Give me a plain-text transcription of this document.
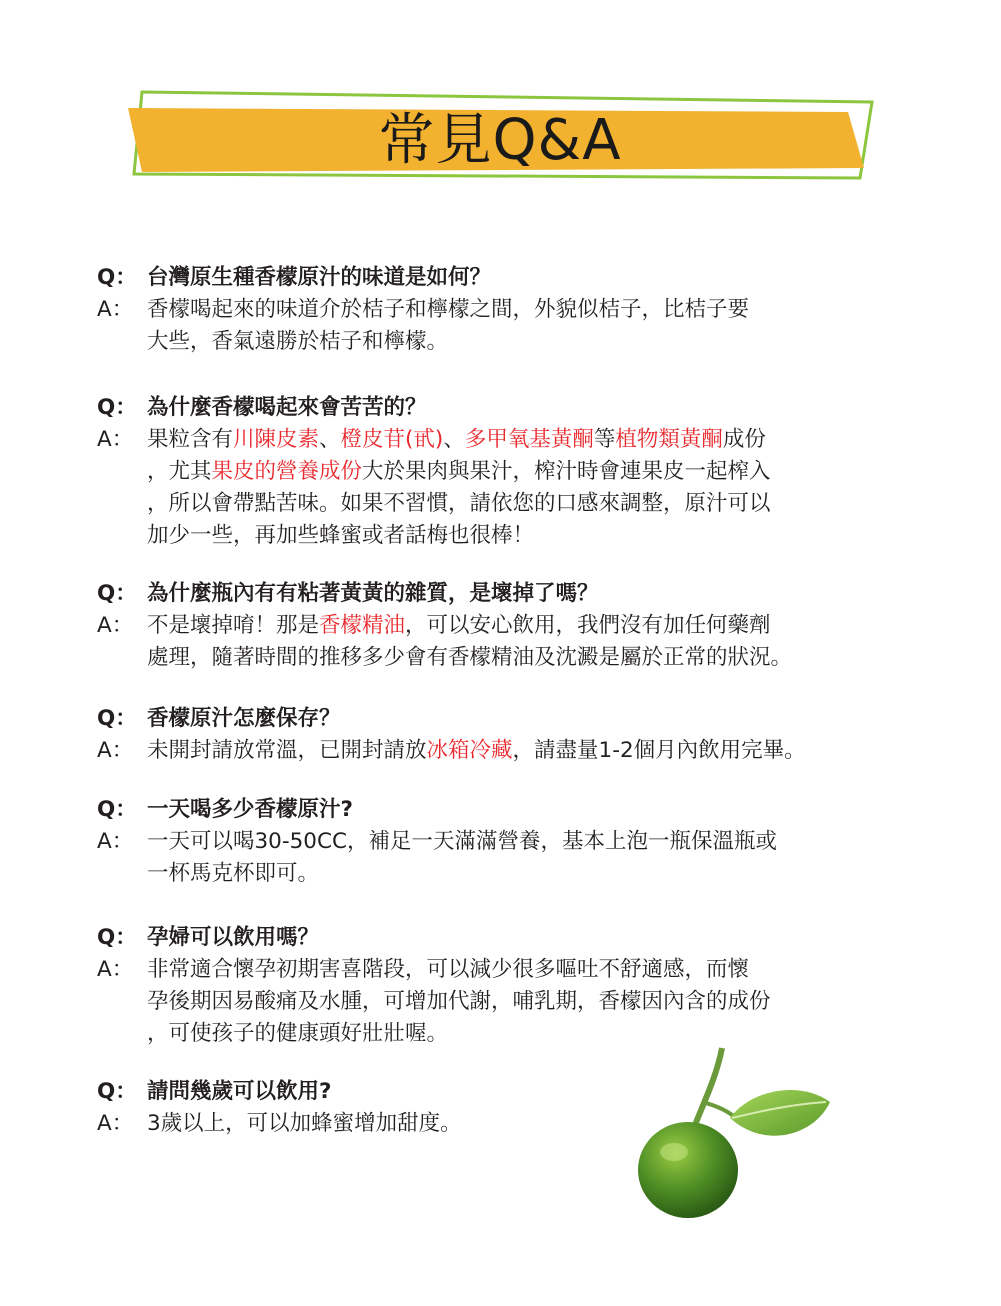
常見Q&A
Q： 台灣原生種香檬原汁的味道是如何？
A： 香檬喝起來的味道介於桔子和檸檬之間，外貌似桔子，比桔子要
大些，香氣遠勝於桔子和檸檬。
Q： 為什麼香檬喝起來會苦苦的？
A： 果粒含有川陳皮素、橙皮苷(甙)、多甲氧基黃酮等植物類黃酮成份
，尤其果皮的營養成份大於果肉與果汁，榨汁時會連果皮一起榨入
，所以會帶點苦味。如果不習慣，請依您的口感來調整，原汁可以
加少一些，再加些蜂蜜或者話梅也很棒！
Q： 為什麼瓶內有有粘著黃黃的雜質，是壞掉了嗎？
A： 不是壞掉唷！那是香檬精油，可以安心飲用，我們沒有加任何藥劑
處理，隨著時間的推移多少會有香檬精油及沈澱是屬於正常的狀況。
Q： 香檬原汁怎麼保存？
A： 未開封請放常溫，已開封請放冰箱冷藏，請盡量1-2個月內飲用完畢。
Q： 一天喝多少香檬原汁?
A： 一天可以喝30-50CC，補足一天滿滿營養，基本上泡一瓶保溫瓶或
一杯馬克杯即可。
Q： 孕婦可以飲用嗎？
A： 非常適合懷孕初期害喜階段，可以減少很多嘔吐不舒適感，而懷
孕後期因易酸痛及水腫，可增加代謝，哺乳期，香檬因內含的成份
，可使孩子的健康頭好壯壯喔。
Q： 請問幾歲可以飲用?
A： 3歲以上，可以加蜂蜜增加甜度。
